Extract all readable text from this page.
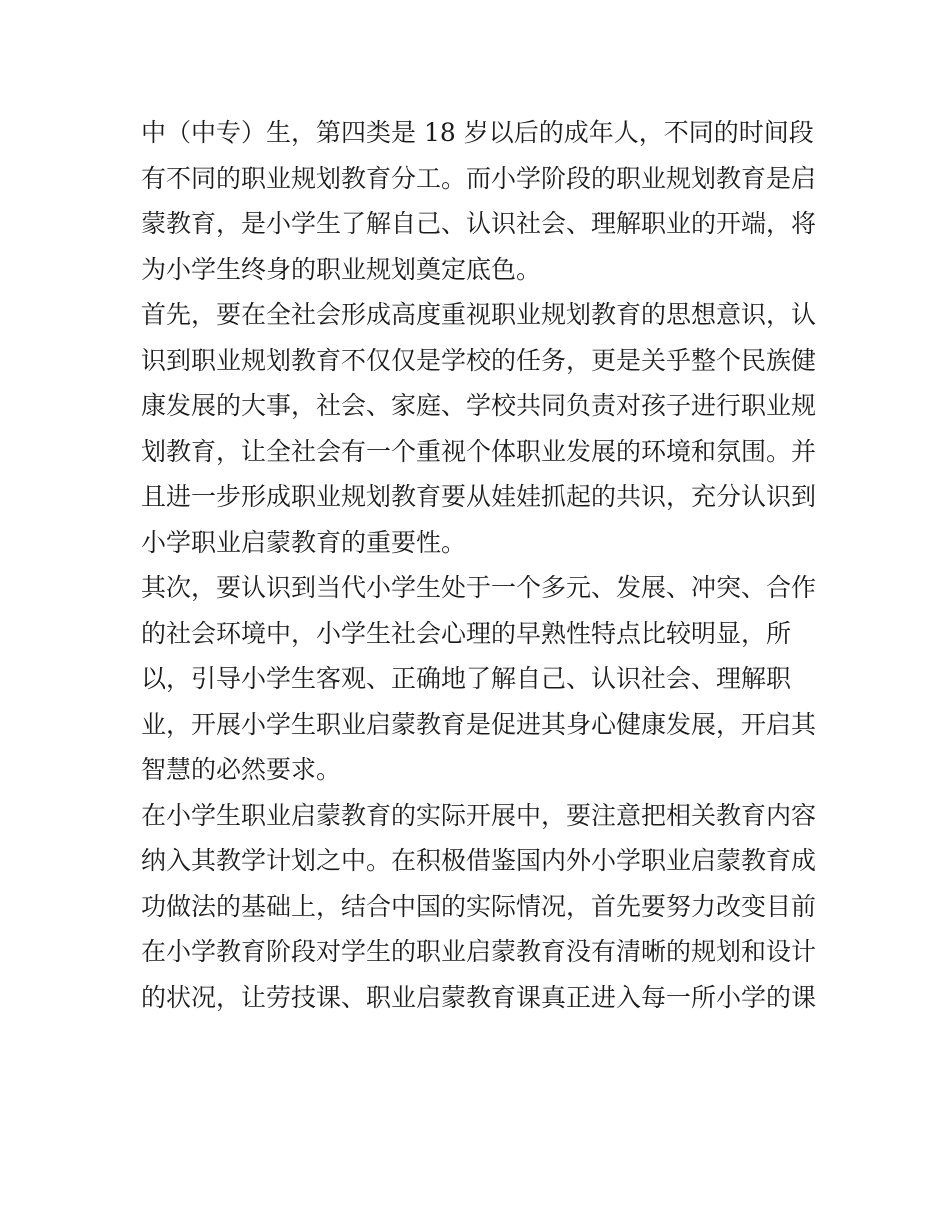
中（中专）生，第四类是 18 岁以后的成年人，不同的时间段
有不同的职业规划教育分工。而小学阶段的职业规划教育是启
蒙教育，是小学生了解自己、认识社会、理解职业的开端，将
为小学生终身的职业规划奠定底色。
首先，要在全社会形成高度重视职业规划教育的思想意识，认
识到职业规划教育不仅仅是学校的任务，更是关乎整个民族健
康发展的大事，社会、家庭、学校共同负责对孩子进行职业规
划教育，让全社会有一个重视个体职业发展的环境和氛围。并
且进一步形成职业规划教育要从娃娃抓起的共识，充分认识到
小学职业启蒙教育的重要性。
其次，要认识到当代小学生处于一个多元、发展、冲突、合作
的社会环境中，小学生社会心理的早熟性特点比较明显，所
以，引导小学生客观、正确地了解自己、认识社会、理解职
业，开展小学生职业启蒙教育是促进其身心健康发展，开启其
智慧的必然要求。
在小学生职业启蒙教育的实际开展中，要注意把相关教育内容
纳入其教学计划之中。在积极借鉴国内外小学职业启蒙教育成
功做法的基础上，结合中国的实际情况，首先要努力改变目前
在小学教育阶段对学生的职业启蒙教育没有清晰的规划和设计
的状况，让劳技课、职业启蒙教育课真正进入每一所小学的课
